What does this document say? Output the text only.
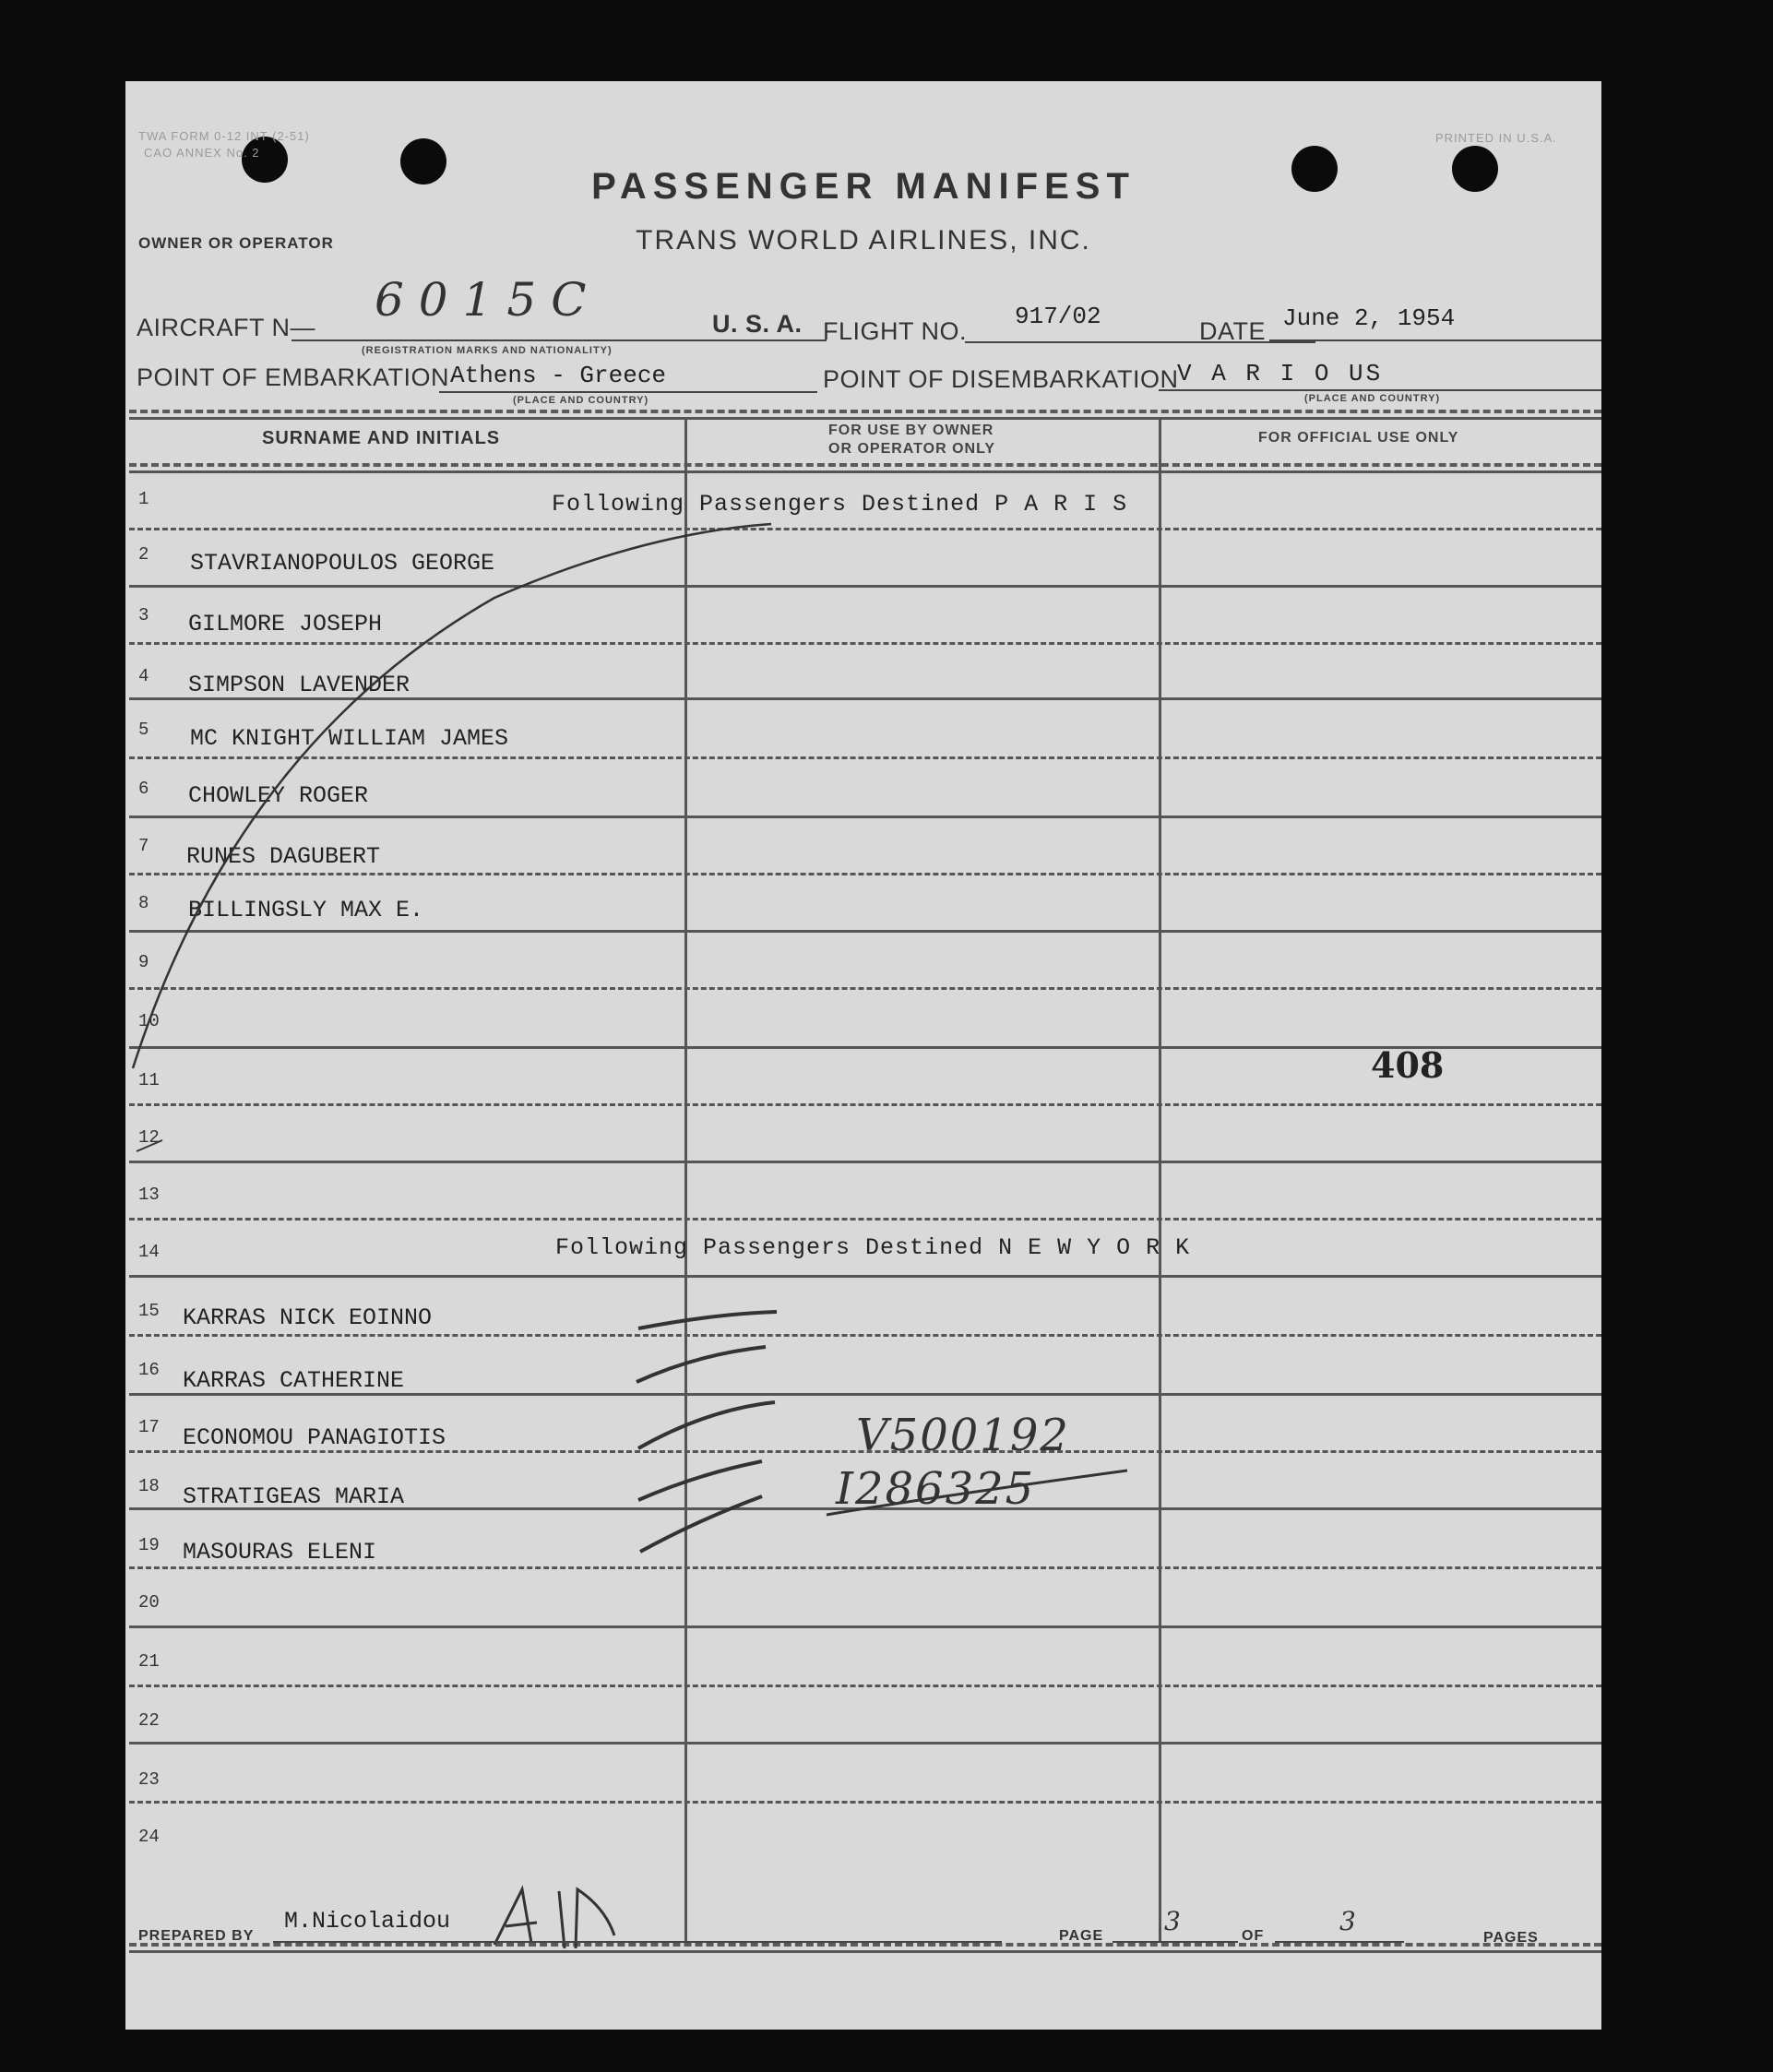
TWA FORM 0-12 INT (2-51)
CAO ANNEX No. 2
PRINTED IN U.S.A.
OWNER OR OPERATOR
PASSENGER MANIFEST
TRANS WORLD AIRLINES, INC.
AIRCRAFT N—
6015C
(REGISTRATION MARKS AND NATIONALITY)
U. S. A. FLIGHT NO.
917/02
DATE June 2, 1954
POINT OF EMBARKATION Athens - Greece
(PLACE AND COUNTRY)
POINT OF DISEMBARKATION
V A R I O US
(PLACE AND COUNTRY)
SURNAME AND INITIALS	FOR USE BY OWNER
OR OPERATOR ONLY
FOR OFFICIAL USE ONLY
1	Following Passengers Destined P A R I S
2	STAVRIANOPOULOS GEORGE
3	GILMORE JOSEPH
4	SIMPSON LAVENDER
5	MC KNIGHT WILLIAM JAMES
6	CHOWLEY ROGER
7	RUNES DAGUBERT
8	BILLINGSLY MAX E.
9
10
11
12
13
14	Following Passengers Destined N E W Y O R K
15	KARRAS NICK EOINNO
16	KARRAS CATHERINE
17	ECONOMOU PANAGIOTIS	V500192
18	STRATIGEAS MARIA	I286325
19	MASOURAS ELENI
20
21
22
23
24
408
PREPARED BY
M.Nicolaidou
PAGE 3	OF	3
PAGES
